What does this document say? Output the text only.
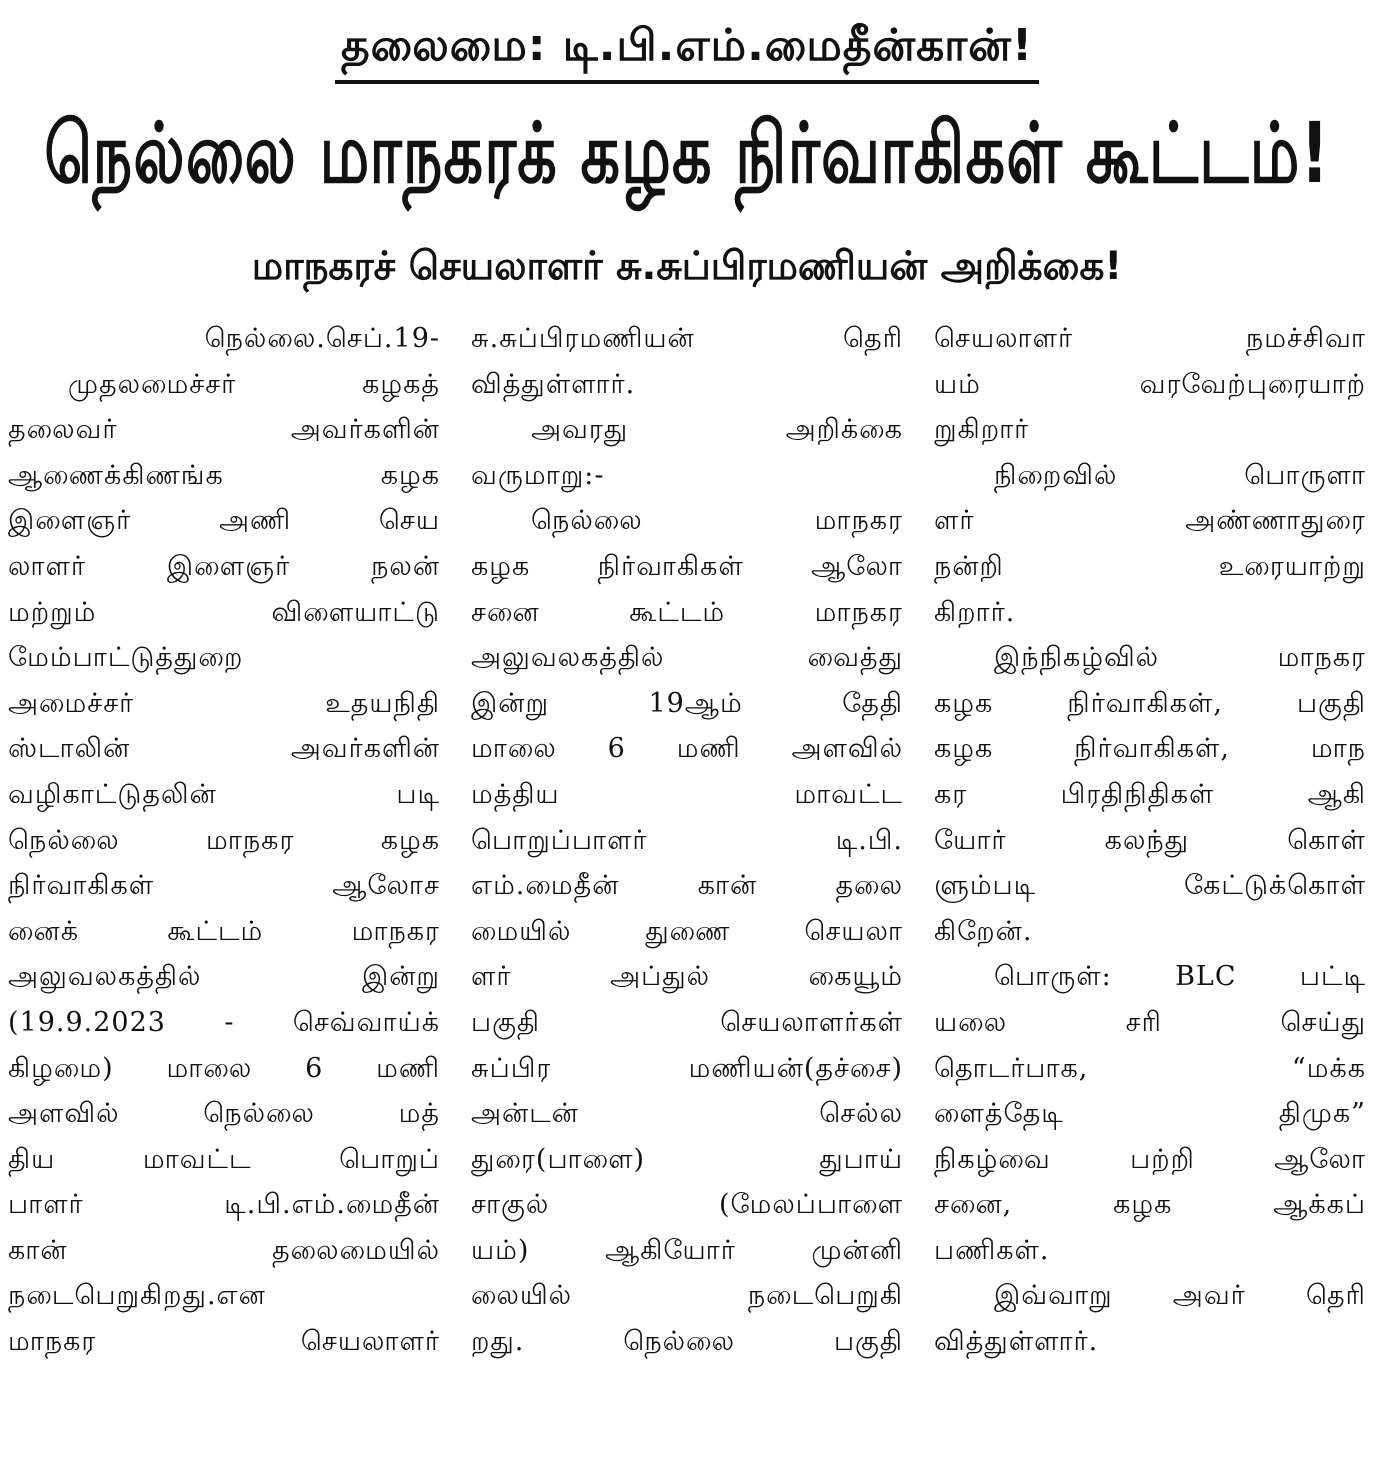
தலைமை: டி.பி.எம்.மைதீன்கான்!
நெல்லை மாநகரக் கழக நிர்வாகிகள் கூட்டம்!
மாநகரச் செயலாளர் சு.சுப்பிரமணியன் அறிக்கை!
நெல்லை.செப்.19-
முதலமைச்சர் கழகத்
தலைவர் அவர்களின்
ஆணைக்கிணங்க கழக
இளைஞர் அணி செய
லாளர் இளைஞர் நலன்
மற்றும் விளையாட்டு
மேம்பாட்டுத்துறை
அமைச்சர் உதயநிதி
ஸ்டாலின் அவர்களின்
வழிகாட்டுதலின் படி
நெல்லை மாநகர கழக
நிர்வாகிகள் ஆலோச
னைக் கூட்டம் மாநகர
அலுவலகத்தில் இன்று
(19.9.2023 - செவ்வாய்க்
கிழமை) மாலை 6 மணி
அளவில் நெல்லை மத்
திய மாவட்ட பொறுப்
பாளர் டி.பி.எம்.மைதீன்
கான் தலைமையில்
நடைபெறுகிறது.என
மாநகர செயலாளர்
சு.சுப்பிரமணியன் தெரி
வித்துள்ளார்.
அவரது அறிக்கை
வருமாறு:-
நெல்லை மாநகர
கழக நிர்வாகிகள் ஆலோ
சனை கூட்டம் மாநகர
அலுவலகத்தில் வைத்து
இன்று 19ஆம் தேதி
மாலை 6 மணி அளவில்
மத்திய மாவட்ட
பொறுப்பாளர் டி.பி.
எம்.மைதீன் கான் தலை
மையில் துணை செயலா
ளர் அப்துல் கையூம்
பகுதி செயலாளர்கள்
சுப்பிர மணியன்(தச்சை)
அன்டன் செல்ல
துரை(பாளை) துபாய்
சாகுல் (மேலப்பாளை
யம்) ஆகியோர் முன்னி
லையில் நடைபெறுகி
றது. நெல்லை பகுதி
செயலாளர் நமச்சிவா
யம் வரவேற்புரையாற்
றுகிறார்
நிறைவில் பொருளா
ளர் அண்ணாதுரை
நன்றி உரையாற்று
கிறார்.
இந்நிகழ்வில் மாநகர
கழக நிர்வாகிகள், பகுதி
கழக நிர்வாகிகள், மாந
கர பிரதிநிதிகள் ஆகி
யோர் கலந்து கொள்
ளும்படி கேட்டுக்கொள்
கிறேன்.
பொருள்: BLC பட்டி
யலை சரி செய்து
தொடர்பாக, “மக்க
ளைத்தேடி திமுக”
நிகழ்வை பற்றி ஆலோ
சனை, கழக ஆக்கப்
பணிகள்.
இவ்வாறு அவர் தெரி
வித்துள்ளார்.
